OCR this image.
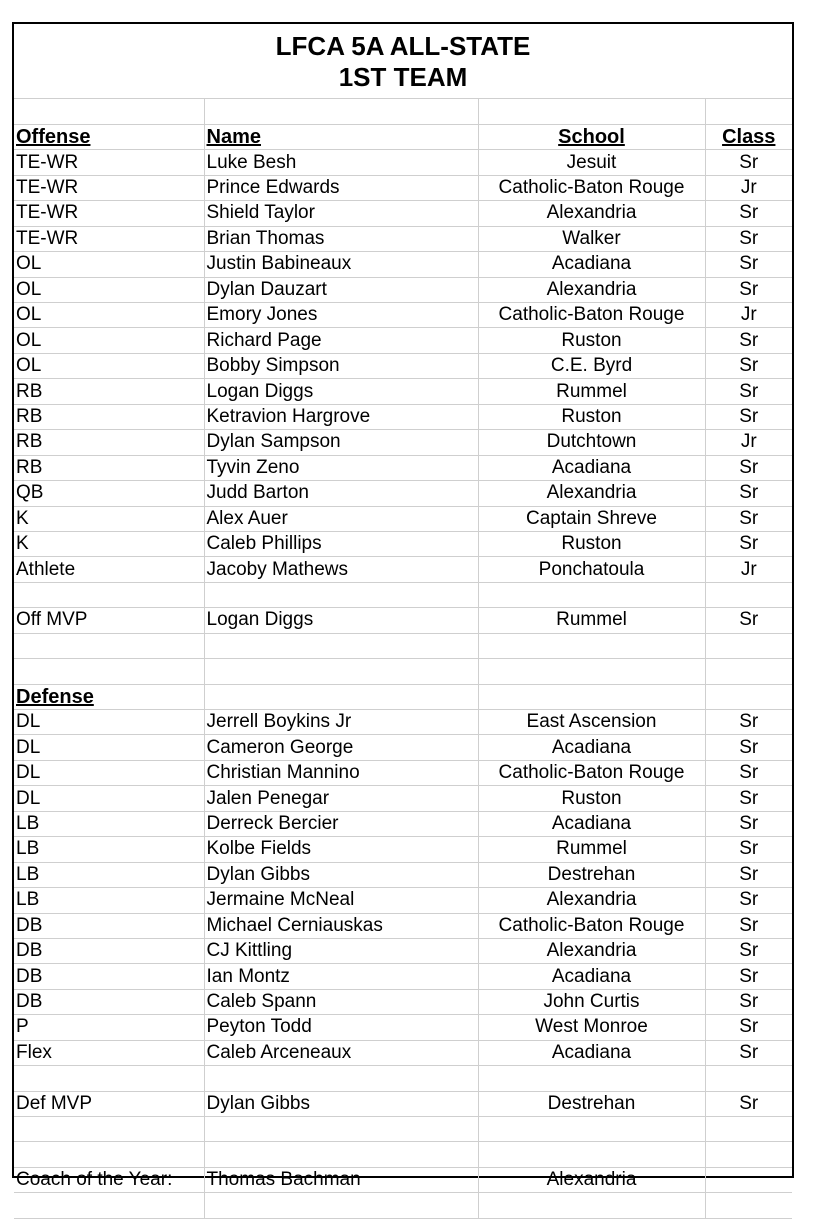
LFCA 5A ALL-STATE
1ST TEAM

Offense	Name	School	Class
TE-WR	Luke Besh	Jesuit	Sr
TE-WR	Prince Edwards	Catholic-Baton Rouge	Jr
TE-WR	Shield Taylor	Alexandria	Sr
TE-WR	Brian Thomas	Walker	Sr
OL	Justin Babineaux	Acadiana	Sr
OL	Dylan Dauzart	Alexandria	Sr
OL	Emory Jones	Catholic-Baton Rouge	Jr
OL	Richard Page	Ruston	Sr
OL	Bobby Simpson	C.E. Byrd	Sr
RB	Logan Diggs	Rummel	Sr
RB	Ketravion Hargrove	Ruston	Sr
RB	Dylan Sampson	Dutchtown	Jr
RB	Tyvin Zeno	Acadiana	Sr
QB	Judd Barton	Alexandria	Sr
K	Alex Auer	Captain Shreve	Sr
K	Caleb Phillips	Ruston	Sr
Athlete	Jacoby Mathews	Ponchatoula	Jr

Off MVP	Logan Diggs	Rummel	Sr

Defense			
DL	Jerrell Boykins Jr	East Ascension	Sr
DL	Cameron George	Acadiana	Sr
DL	Christian Mannino	Catholic-Baton Rouge	Sr
DL	Jalen Penegar	Ruston	Sr
LB	Derreck Bercier	Acadiana	Sr
LB	Kolbe Fields	Rummel	Sr
LB	Dylan Gibbs	Destrehan	Sr
LB	Jermaine McNeal	Alexandria	Sr
DB	Michael Cerniauskas	Catholic-Baton Rouge	Sr
DB	CJ Kittling	Alexandria	Sr
DB	Ian Montz	Acadiana	Sr
DB	Caleb Spann	John Curtis	Sr
P	Peyton Todd	West Monroe	Sr
Flex	Caleb Arceneaux	Acadiana	Sr

Def MVP	Dylan Gibbs	Destrehan	Sr

Coach of the Year:	Thomas Bachman	Alexandria	
